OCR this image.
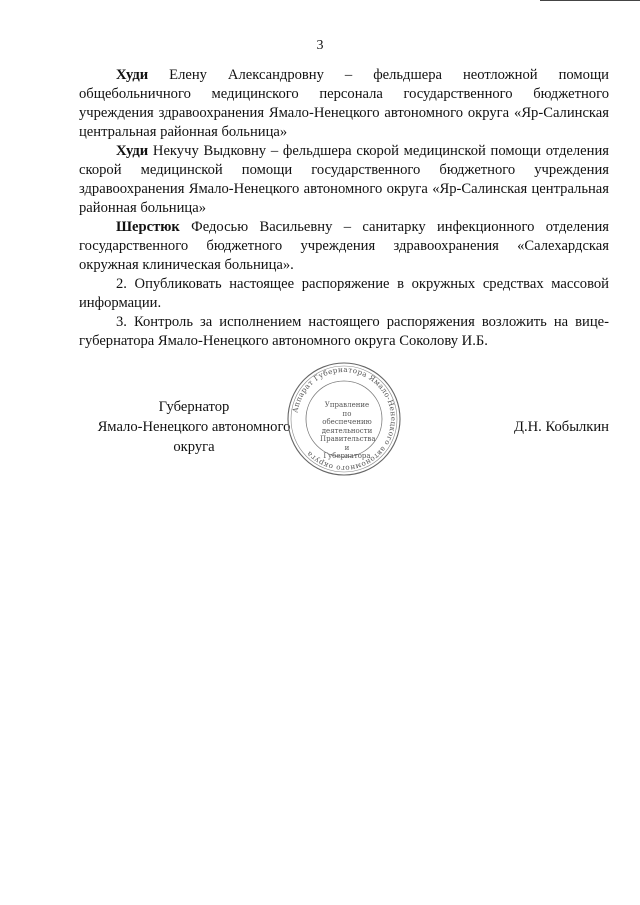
3

Худи Елену Александровну – фельдшера неотложной помощи общебольничного медицинского персонала государственного бюджетного учреждения здравоохранения Ямало-Ненецкого автономного округа «Яр-Салинская центральная районная больница»

Худи Некучу Выдковну – фельдшера скорой медицинской помощи отделения скорой медицинской помощи государственного бюджетного учреждения здравоохранения Ямало-Ненецкого автономного округа «Яр-Салинская центральная районная больница»

Шерстюк Федосью Васильевну – санитарку инфекционного отделения государственного бюджетного учреждения здравоохранения «Салехардская окружная клиническая больница».

2. Опубликовать настоящее распоряжение в окружных средствах массовой информации.

3. Контроль за исполнением настоящего распоряжения возложить на вице-губернатора Ямало-Ненецкого автономного округа Соколову И.Б.

Губернатор
Ямало-Ненецкого автономного округа
Д.Н. Кобылкин
Аппарат Губернатора Ямало-Ненецкого автономного округа
Управление по
обеспечению
деятельности
Правительства
и Губернатора
